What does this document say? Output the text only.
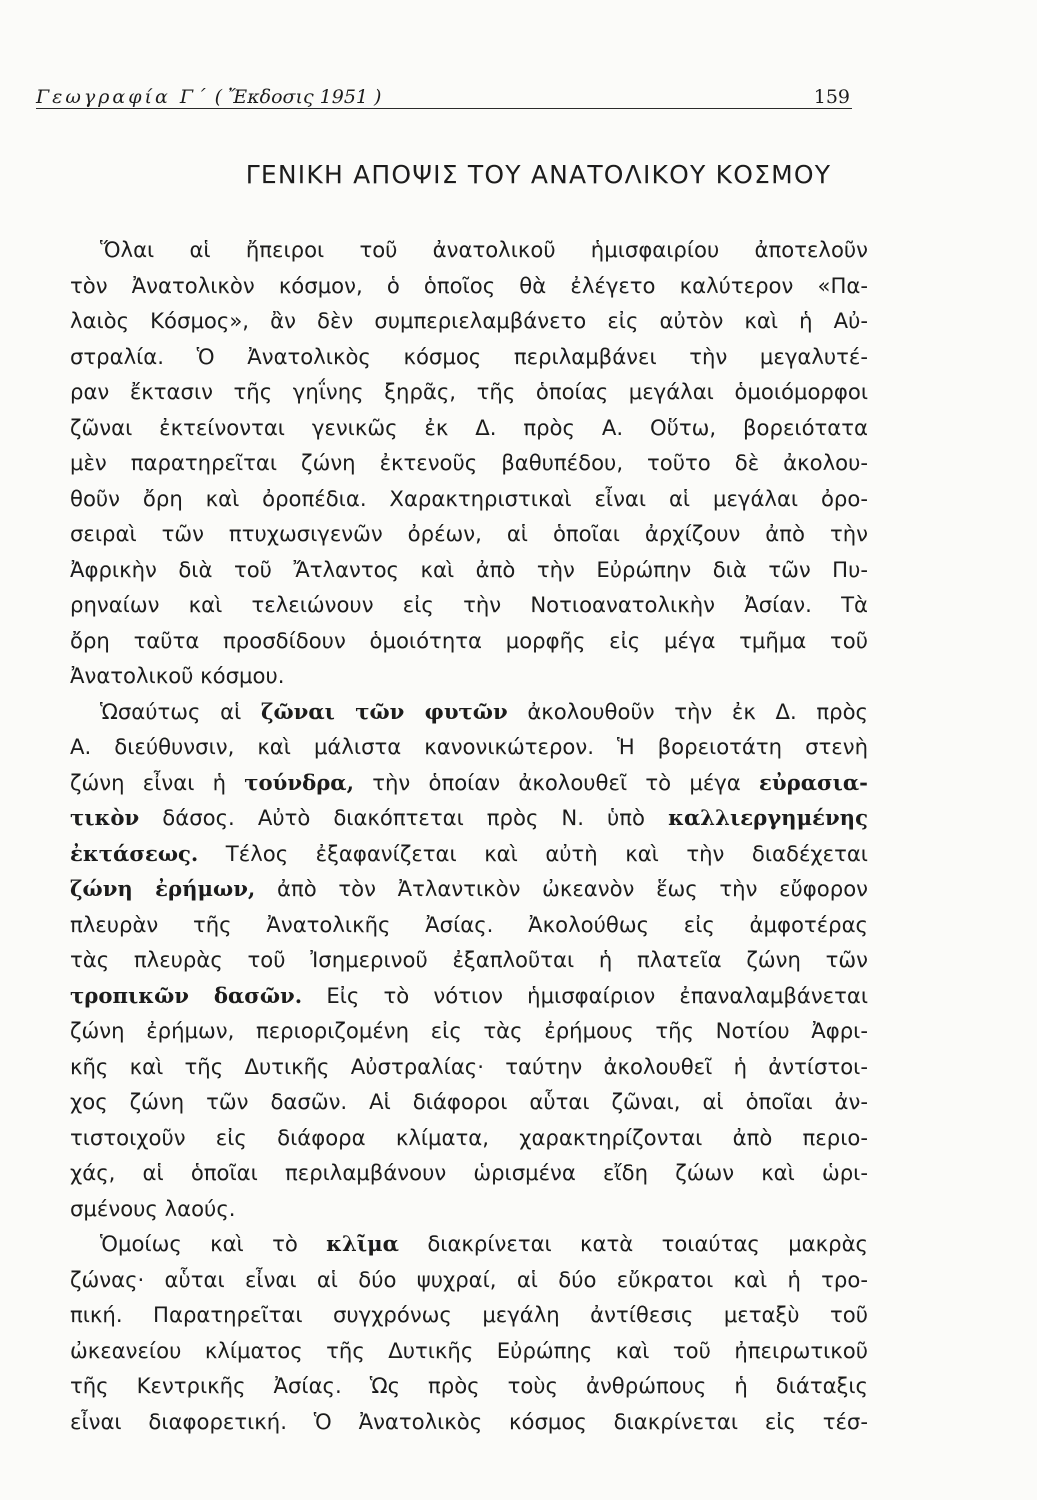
Γεωγραφία Γ΄ ( Ἔκδοσις 1951 )	159
ΓΕΝΙΚΗ ΑΠΟΨΙΣ ΤΟΥ ΑΝΑΤΟΛΙΚΟΥ ΚΟΣΜΟΥ
Ὅλαι αἱ ἤπειροι τοῦ ἀνατολικοῦ ἡμισφαιρίου ἀποτελοῦν
τὸν Ἀνατολικὸν κόσμον, ὁ ὁποῖος θὰ ἐλέγετο καλύτερον «Πα-
λαιὸς Κόσμος», ἂν δὲν συμπεριελαμβάνετο εἰς αὐτὸν καὶ ἡ Αὐ-
στραλία. Ὁ Ἀνατολικὸς κόσμος περιλαμβάνει τὴν μεγαλυτέ-
ραν ἔκτασιν τῆς γηΐνης ξηρᾶς, τῆς ὁποίας μεγάλαι ὁμοιόμορφοι
ζῶναι ἐκτείνονται γενικῶς ἐκ Δ. πρὸς Α. Οὕτω, βορειότατα
μὲν παρατηρεῖται ζώνη ἐκτενοῦς βαθυπέδου, τοῦτο δὲ ἀκολου-
θοῦν ὄρη καὶ ὀροπέδια. Χαρακτηριστικαὶ εἶναι αἱ μεγάλαι ὀρο-
σειραὶ τῶν πτυχωσιγενῶν ὀρέων, αἱ ὁποῖαι ἀρχίζουν ἀπὸ τὴν
Ἀφρικὴν διὰ τοῦ Ἄτλαντος καὶ ἀπὸ τὴν Εὐρώπην διὰ τῶν Πυ-
ρηναίων καὶ τελειώνουν εἰς τὴν Νοτιοανατολικὴν Ἀσίαν. Τὰ
ὄρη ταῦτα προσδίδουν ὁμοιότητα μορφῆς εἰς μέγα τμῆμα τοῦ
Ἀνατολικοῦ κόσμου.
Ὡσαύτως αἱ ζῶναι τῶν φυτῶν ἀκολουθοῦν τὴν ἐκ Δ. πρὸς
Α. διεύθυνσιν, καὶ μάλιστα κανονικώτερον. Ἡ βορειοτάτη στενὴ
ζώνη εἶναι ἡ τούνδρα, τὴν ὁποίαν ἀκολουθεῖ τὸ μέγα εὐρασια-
τικὸν δάσος. Αὐτὸ διακόπτεται πρὸς Ν. ὑπὸ καλλιεργημένης
ἐκτάσεως. Τέλος ἐξαφανίζεται καὶ αὐτὴ καὶ τὴν διαδέχεται
ζώνη ἐρήμων, ἀπὸ τὸν Ἀτλαντικὸν ὠκεανὸν ἕως τὴν εὔφορον
πλευρὰν τῆς Ἀνατολικῆς Ἀσίας. Ἀκολούθως εἰς ἀμφοτέρας
τὰς πλευρὰς τοῦ Ἰσημερινοῦ ἐξαπλοῦται ἡ πλατεῖα ζώνη τῶν
τροπικῶν δασῶν. Εἰς τὸ νότιον ἡμισφαίριον ἐπαναλαμβάνεται
ζώνη ἐρήμων, περιοριζομένη εἰς τὰς ἐρήμους τῆς Νοτίου Ἀφρι-
κῆς καὶ τῆς Δυτικῆς Αὐστραλίας· ταύτην ἀκολουθεῖ ἡ ἀντίστοι-
χος ζώνη τῶν δασῶν. Αἱ διάφοροι αὗται ζῶναι, αἱ ὁποῖαι ἀν-
τιστοιχοῦν εἰς διάφορα κλίματα, χαρακτηρίζονται ἀπὸ περιο-
χάς, αἱ ὁποῖαι περιλαμβάνουν ὡρισμένα εἴδη ζώων καὶ ὡρι-
σμένους λαούς.
Ὁμοίως καὶ τὸ κλῖμα διακρίνεται κατὰ τοιαύτας μακρὰς
ζώνας· αὗται εἶναι αἱ δύο ψυχραί, αἱ δύο εὔκρατοι καὶ ἡ τρο-
πική. Παρατηρεῖται συγχρόνως μεγάλη ἀντίθεσις μεταξὺ τοῦ
ὠκεανείου κλίματος τῆς Δυτικῆς Εὐρώπης καὶ τοῦ ἠπειρωτικοῦ
τῆς Κεντρικῆς Ἀσίας. Ὡς πρὸς τοὺς ἀνθρώπους ἡ διάταξις
εἶναι διαφορετική. Ὁ Ἀνατολικὸς κόσμος διακρίνεται εἰς τέσ-
